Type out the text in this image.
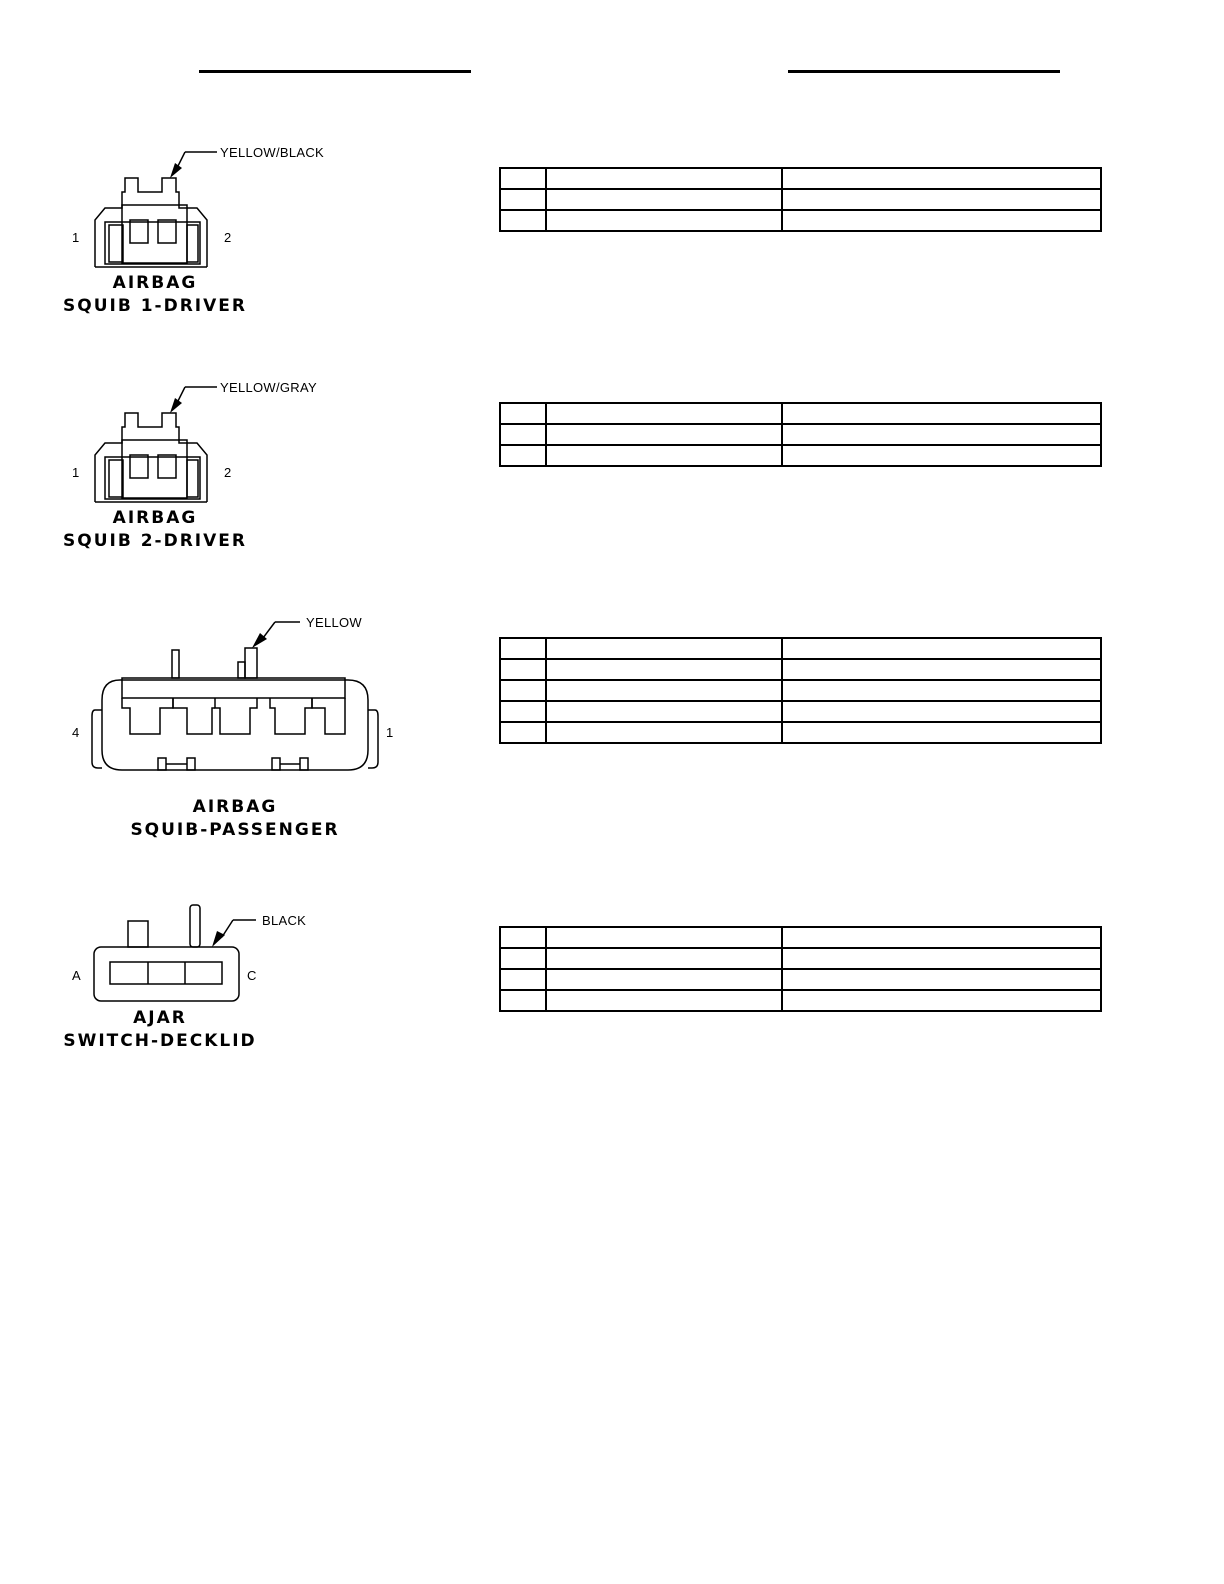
YELLOW/BLACK
1	2
AIRBAG
SQUIB 1-DRIVER

YELLOW/GRAY
1	2
AIRBAG
SQUIB 2-DRIVER

YELLOW
4	1
AIRBAG
SQUIB-PASSENGER

BLACK
A	C
AJAR
SWITCH-DECKLID
